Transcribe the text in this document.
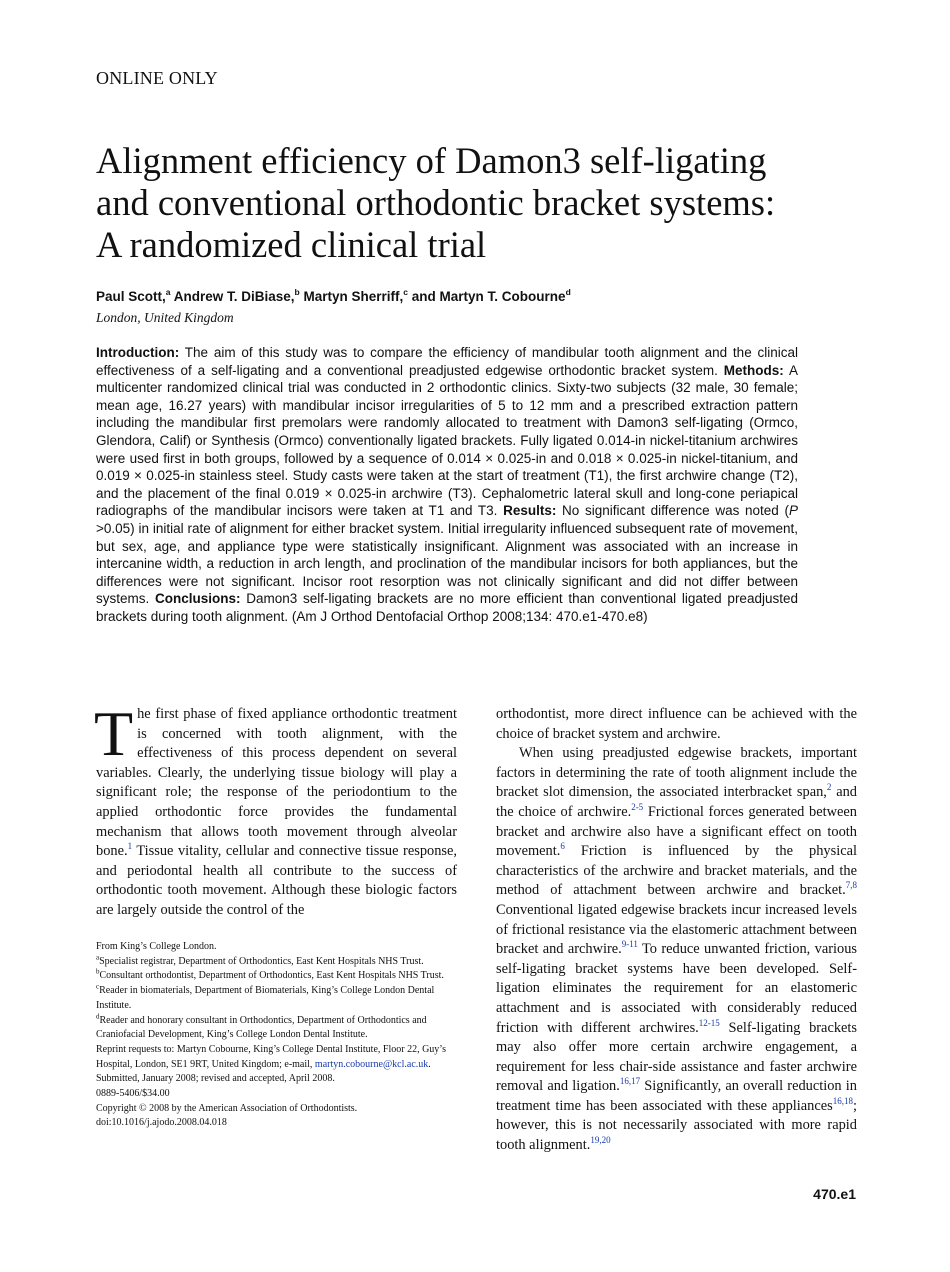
ONLINE ONLY
Alignment efficiency of Damon3 self-ligating
and conventional orthodontic bracket systems:
A randomized clinical trial
Paul Scott,$^a$ Andrew T. DiBiase,$^b$ Martyn Sherriff,$^c$ and Martyn T. Cobourne$^d$
London, United Kingdom
Introduction: The aim of this study was to compare the efficiency of mandibular tooth alignment and the clinical effectiveness of a self-ligating and a conventional preadjusted edgewise orthodontic bracket system. Methods: A multicenter randomized clinical trial was conducted in 2 orthodontic clinics. Sixty-two subjects (32 male, 30 female; mean age, 16.27 years) with mandibular incisor irregularities of 5 to 12 mm and a prescribed extraction pattern including the mandibular first premolars were randomly allocated to treatment with Damon3 self-ligating (Ormco, Glendora, Calif) or Synthesis (Ormco) conventionally ligated brackets. Fully ligated 0.014-in nickel-titanium archwires were used first in both groups, followed by a sequence of 0.014 × 0.025-in and 0.018 × 0.025-in nickel-titanium, and 0.019 × 0.025-in stainless steel. Study casts were taken at the start of treatment (T1), the first archwire change (T2), and the placement of the final 0.019 × 0.025-in archwire (T3). Cephalometric lateral skull and long-cone periapical radiographs of the mandibular incisors were taken at T1 and T3. Results: No significant difference was noted (P >0.05) in initial rate of alignment for either bracket system. Initial irregularity influenced subsequent rate of movement, but sex, age, and appliance type were statistically insignificant. Alignment was associated with an increase in intercanine width, a reduction in arch length, and proclination of the mandibular incisors for both appliances, but the differences were not significant. Incisor root resorption was not clinically significant and did not differ between systems. Conclusions: Damon3 self-ligating brackets are no more efficient than conventional ligated preadjusted brackets during tooth alignment. (Am J Orthod Dentofacial Orthop 2008;134: 470.e1-470.e8)

The first phase of fixed appliance orthodontic treatment is concerned with tooth alignment, with the effectiveness of this process dependent on several variables. Clearly, the underlying tissue biology will play a significant role; the response of the periodontium to the applied orthodontic force provides the fundamental mechanism that allows tooth movement through alveolar bone.$^1$ Tissue vitality, cellular and connective tissue response, and periodontal health all contribute to the success of orthodontic tooth movement. Although these biologic factors are largely outside the control of the

orthodontist, more direct influence can be achieved with the choice of bracket system and archwire.

When using preadjusted edgewise brackets, important factors in determining the rate of tooth alignment include the bracket slot dimension, the associated interbracket span,$^2$ and the choice of archwire.$^{2-5}$ Frictional forces generated between bracket and archwire also have a significant effect on tooth movement.$^6$ Friction is influenced by the physical characteristics of the archwire and bracket materials, and the method of attachment between archwire and bracket.$^{7,8}$ Conventional ligated edgewise brackets incur increased levels of frictional resistance via the elastomeric attachment between bracket and archwire.$^{9-11}$ To reduce unwanted friction, various self-ligating bracket systems have been developed. Self-ligation eliminates the requirement for an elastomeric attachment and is associated with considerably reduced friction with different archwires.$^{12-15}$ Self-ligating brackets may also offer more certain archwire engagement, a requirement for less chair-side assistance and faster archwire removal and ligation.$^{16,17}$ Significantly, an overall reduction in treatment time has been associated with these appliances$^{16,18}$; however, this is not necessarily associated with more rapid tooth alignment.$^{19,20}$

From King’s College London.
$^a$Specialist registrar, Department of Orthodontics, East Kent Hospitals NHS Trust.
$^b$Consultant orthodontist, Department of Orthodontics, East Kent Hospitals NHS Trust.
$^c$Reader in biomaterials, Department of Biomaterials, King’s College London Dental Institute.
$^d$Reader and honorary consultant in Orthodontics, Department of Orthodontics and Craniofacial Development, King’s College London Dental Institute.
Reprint requests to: Martyn Cobourne, King’s College Dental Institute, Floor 22, Guy’s Hospital, London, SE1 9RT, United Kingdom; e-mail, martyn.cobourne@kcl.ac.uk.
Submitted, January 2008; revised and accepted, April 2008.
0889-5406/$34.00
Copyright © 2008 by the American Association of Orthodontists.
doi:10.1016/j.ajodo.2008.04.018
470.e1
